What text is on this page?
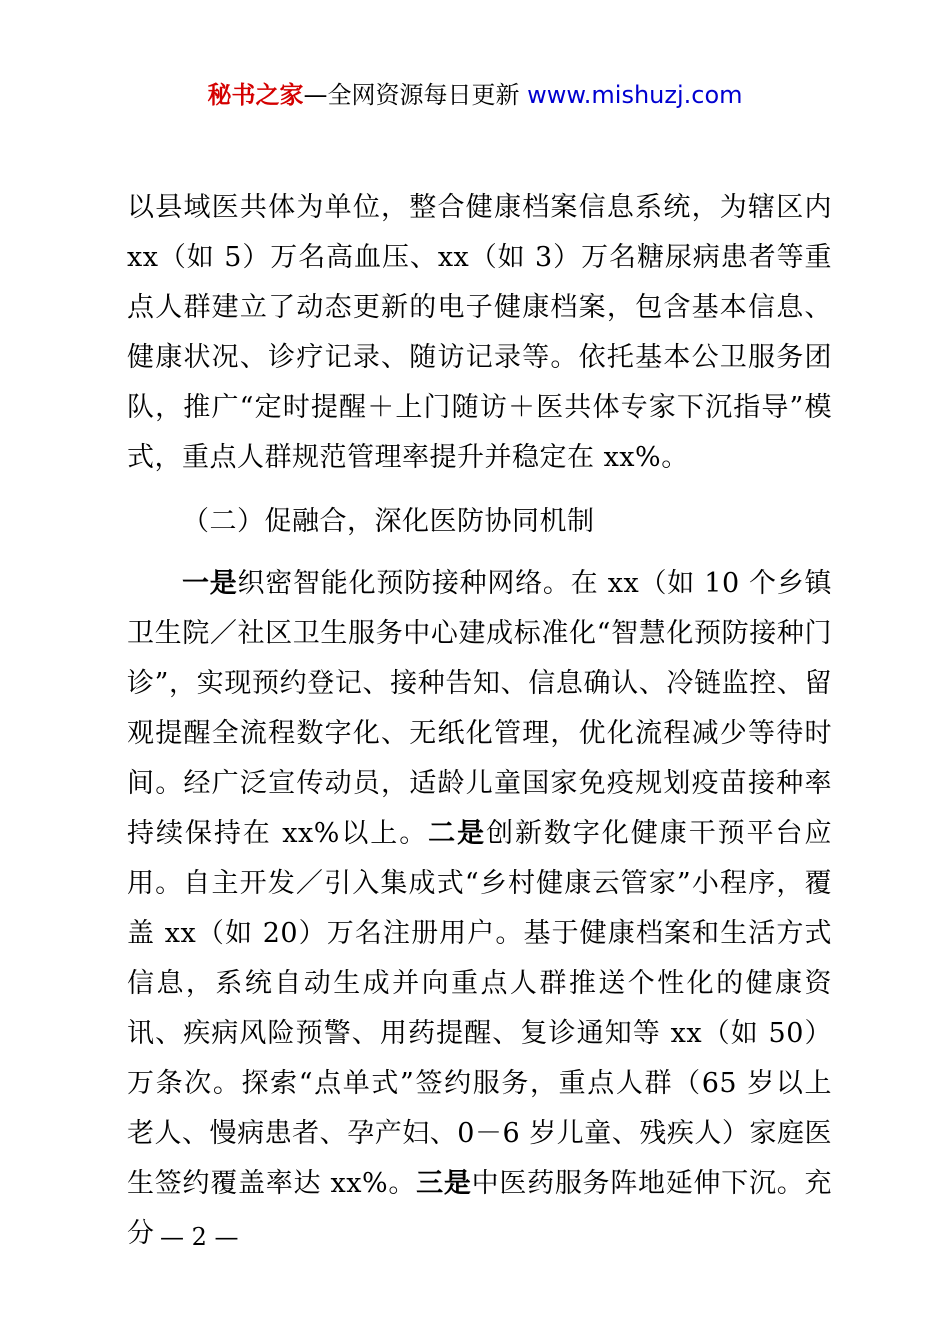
秘书之家—全网资源每日更新 www.mishuzj.com

以县域医共体为单位，整合健康档案信息系统，为辖区内 xx（如 5）万名高血压、xx（如 3）万名糖尿病患者等重点人群建立了动态更新的电子健康档案，包含基本信息、健康状况、诊疗记录、随访记录等。依托基本公卫服务团队，推广“定时提醒＋上门随访＋医共体专家下沉指导”模式，重点人群规范管理率提升并稳定在 xx%。

（二）促融合，深化医防协同机制

一是织密智能化预防接种网络。在 xx（如 10 个乡镇卫生院／社区卫生服务中心建成标准化“智慧化预防接种门诊”，实现预约登记、接种告知、信息确认、冷链监控、留观提醒全流程数字化、无纸化管理，优化流程减少等待时间。经广泛宣传动员，适龄儿童国家免疫规划疫苗接种率持续保持在 xx%以上。二是创新数字化健康干预平台应用。自主开发／引入集成式“乡村健康云管家”小程序，覆盖 xx（如 20）万名注册用户。基于健康档案和生活方式信息，系统自动生成并向重点人群推送个性化的健康资讯、疾病风险预警、用药提醒、复诊通知等 xx（如 50）万条次。探索“点单式”签约服务，重点人群（65 岁以上老人、慢病患者、孕产妇、0－6 岁儿童、残疾人）家庭医生签约覆盖率达 xx%。三是中医药服务阵地延伸下沉。充分 — 2 —
